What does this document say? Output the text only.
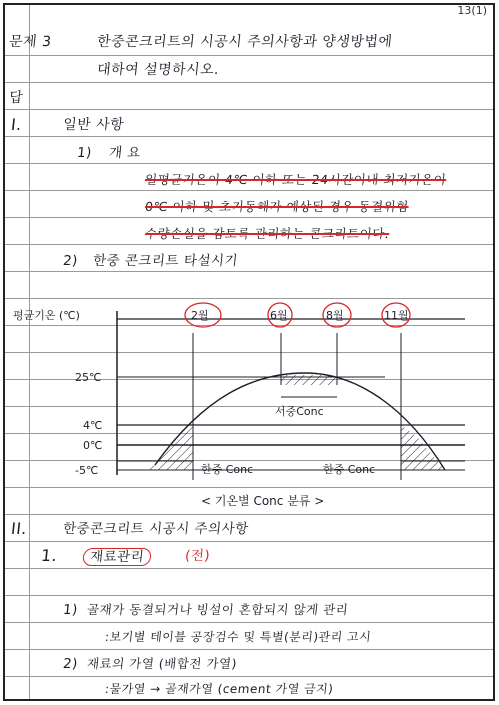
13(1)
문제 3	한중콘크리트의 시공시 주의사항과 양생방법에
대하여 설명하시오.
답
I.	일반 사항
1) 개 요
일평균기온이 4℃ 이하 또는 24시간이내 최저기온이
0℃ 이하 및 초기동해가 예상된 경우 동결위험
수량손실을 감토록 관리하는 콘크리트이다.
2) 한중 콘크리트 타설시기
평균기온 (℃)
25℃
4℃
0℃
-5℃
2월	6월	8월	11월
서중Conc
한중 Conc	한중 Conc
< 기온별 Conc 분류 >
II.	한중콘크리트 시공시 주의사항
1.	재료관리	(전)
1) 골재가 동결되거나 빙설이 혼합되지 않게 관리
:보기별 테이블 공장검수 및 특별(분리)관리 고시
2) 재료의 가열 (배합전 가열)
:물가열 → 골재가열 (cement 가열 금지)
